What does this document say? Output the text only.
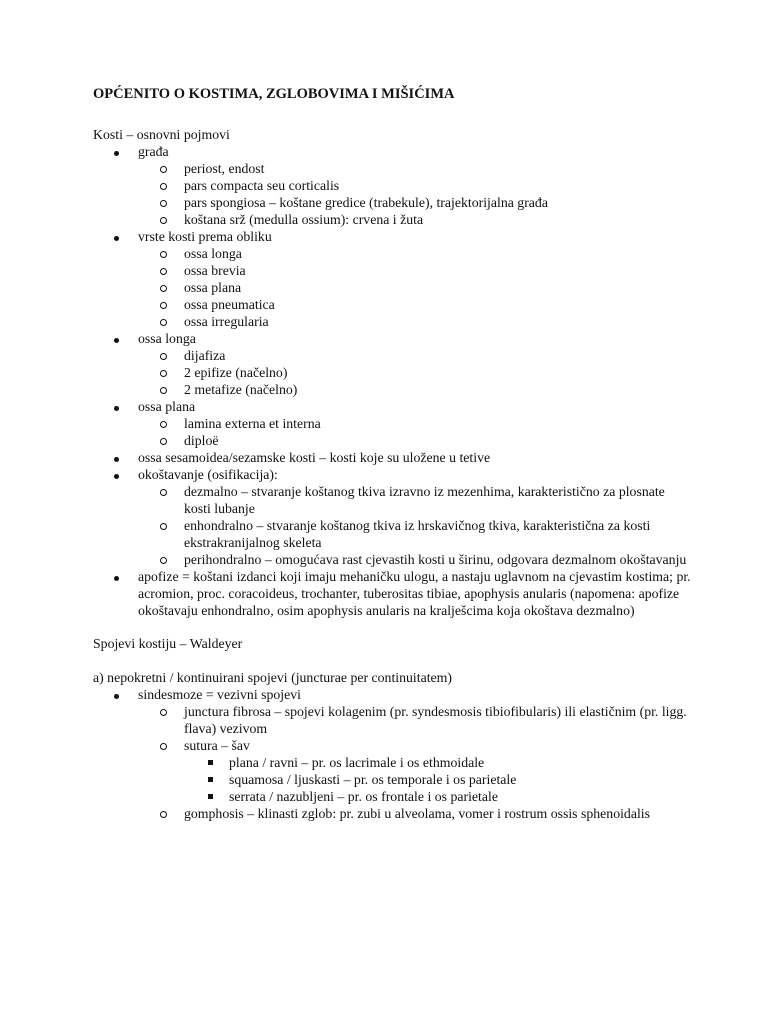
OPĆENITO O KOSTIMA, ZGLOBOVIMA I MIŠIĆIMA

Kosti – osnovni pojmovi
građa
periost, endost
pars compacta seu corticalis
pars spongiosa – koštane gredice (trabekule), trajektorijalna građa
koštana srž (medulla ossium): crvena i žuta
vrste kosti prema obliku
ossa longa
ossa brevia
ossa plana
ossa pneumatica
ossa irregularia
ossa longa
dijafiza
2 epifize (načelno)
2 metafize (načelno)
ossa plana
lamina externa et interna
diploë
ossa sesamoidea/sezamske kosti – kosti koje su uložene u tetive
okoštavanje (osifikacija):
dezmalno – stvaranje koštanog tkiva izravno iz mezenhima, karakteristično za plosnate kosti lubanje
enhondralno – stvaranje koštanog tkiva iz hrskavičnog tkiva, karakteristična za kosti ekstrakranijalnog skeleta
perihondralno – omogućava rast cjevastih kosti u širinu, odgovara dezmalnom okoštavanju
apofize = koštani izdanci koji imaju mehaničku ulogu, a nastaju uglavnom na cjevastim kostima; pr. acromion, proc. coracoideus, trochanter, tuberositas tibiae, apophysis anularis (napomena: apofize okoštavaju enhondralno, osim apophysis anularis na kralješcima koja okoštava dezmalno)
Spojevi kostiju – Waldeyer
a) nepokretni / kontinuirani spojevi (juncturae per continuitatem)
sindesmoze = vezivni spojevi
junctura fibrosa – spojevi kolagenim (pr. syndesmosis tibiofibularis) ili elastičnim (pr. ligg. flava) vezivom
sutura – šav
plana / ravni – pr. os lacrimale i os ethmoidale
squamosa / ljuskasti – pr. os temporale i os parietale
serrata / nazubljeni – pr. os frontale i os parietale
gomphosis – klinasti zglob: pr. zubi u alveolama, vomer i rostrum ossis sphenoidalis
